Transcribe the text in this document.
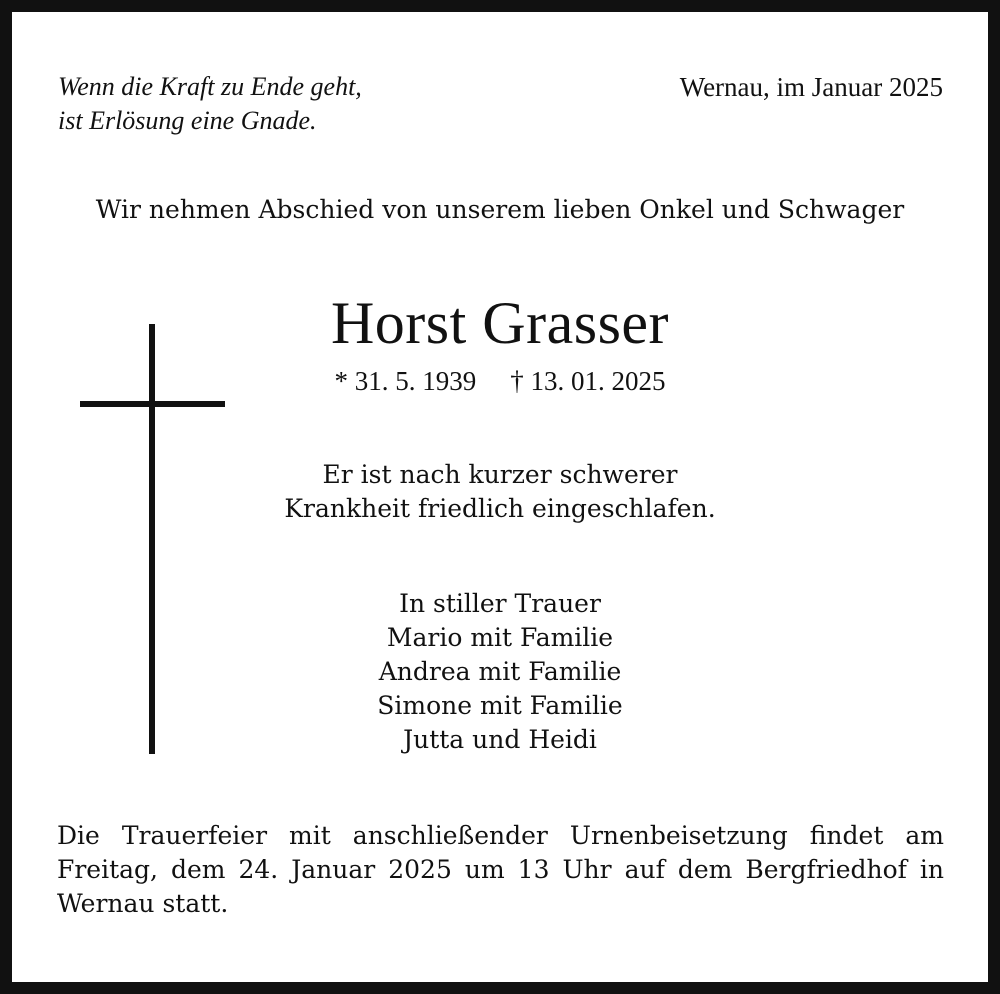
Wenn die Kraft zu Ende geht,
ist Erlösung eine Gnade.
Wernau, im Januar 2025
Wir nehmen Abschied von unserem lieben Onkel und Schwager
Horst Grasser
* 31. 5. 1939 † 13. 01. 2025
Er ist nach kurzer schwerer
Krankheit friedlich eingeschlafen.
In stiller Trauer
Mario mit Familie
Andrea mit Familie
Simone mit Familie
Jutta und Heidi
Die Trauerfeier mit anschließender Urnenbeisetzung findet am Freitag, dem 24. Januar 2025 um 13 Uhr auf dem Bergfriedhof in Wernau statt.
